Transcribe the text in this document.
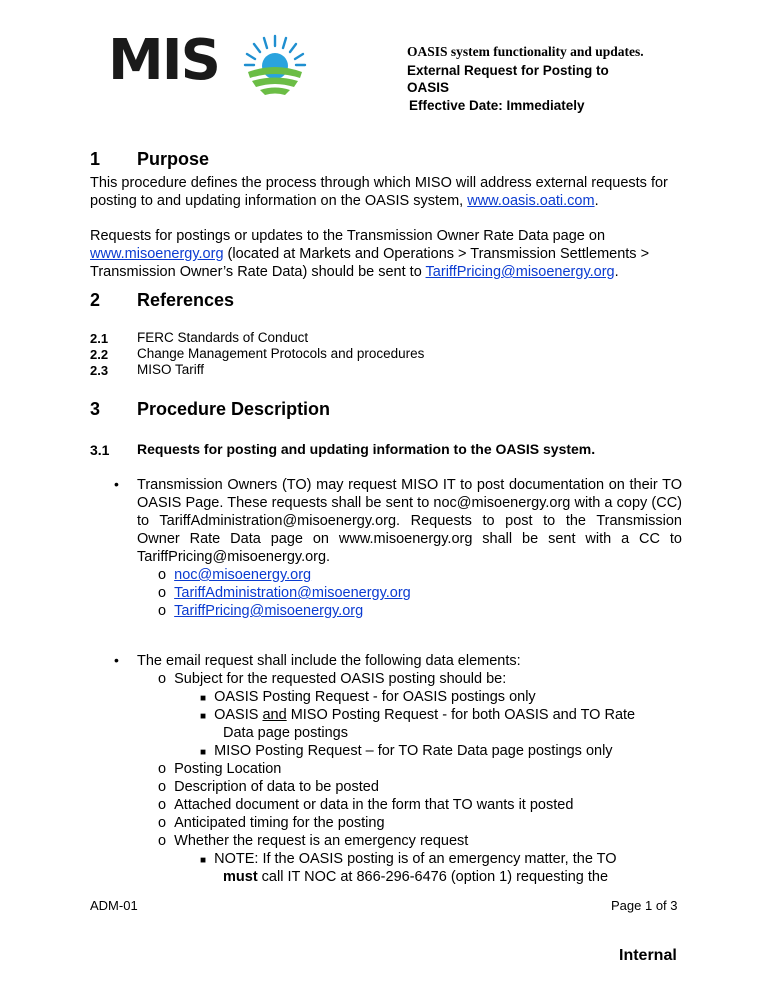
MIS	OASIS system functionality and updates.
External Request for Posting to
OASIS
Effective Date: Immediately
1 Purpose
This procedure defines the process through which MISO will address external requests for posting to and updating information on the OASIS system, www.oasis.oati.com.
Requests for postings or updates to the Transmission Owner Rate Data page on www.misoenergy.org (located at Markets and Operations > Transmission Settlements > Transmission Owner’s Rate Data) should be sent to TariffPricing@misoenergy.org.
2 References
2.1 FERC Standards of Conduct
2.2 Change Management Protocols and procedures
2.3 MISO Tariff
3 Procedure Description
3.1 Requests for posting and updating information to the OASIS system.
• Transmission Owners (TO) may request MISO IT to post documentation on their TO OASIS Page. These requests shall be sent to noc@misoenergy.org with a copy (CC) to TariffAdministration@misoenergy.org. Requests to post to the Transmission Owner Rate Data page on www.misoenergy.org shall be sent with a CC to TariffPricing@misoenergy.org.
o noc@misoenergy.org
o TariffAdministration@misoenergy.org
o TariffPricing@misoenergy.org
• The email request shall include the following data elements:
o Subject for the requested OASIS posting should be:
■ OASIS Posting Request - for OASIS postings only
■ OASIS and MISO Posting Request - for both OASIS and TO Rate
Data page postings
■ MISO Posting Request – for TO Rate Data page postings only
o Posting Location
o Description of data to be posted
o Attached document or data in the form that TO wants it posted
o Anticipated timing for the posting
o Whether the request is an emergency request
■ NOTE: If the OASIS posting is of an emergency matter, the TO
must call IT NOC at 866-296-6476 (option 1) requesting the
ADM-01	Page 1 of 3
Internal
